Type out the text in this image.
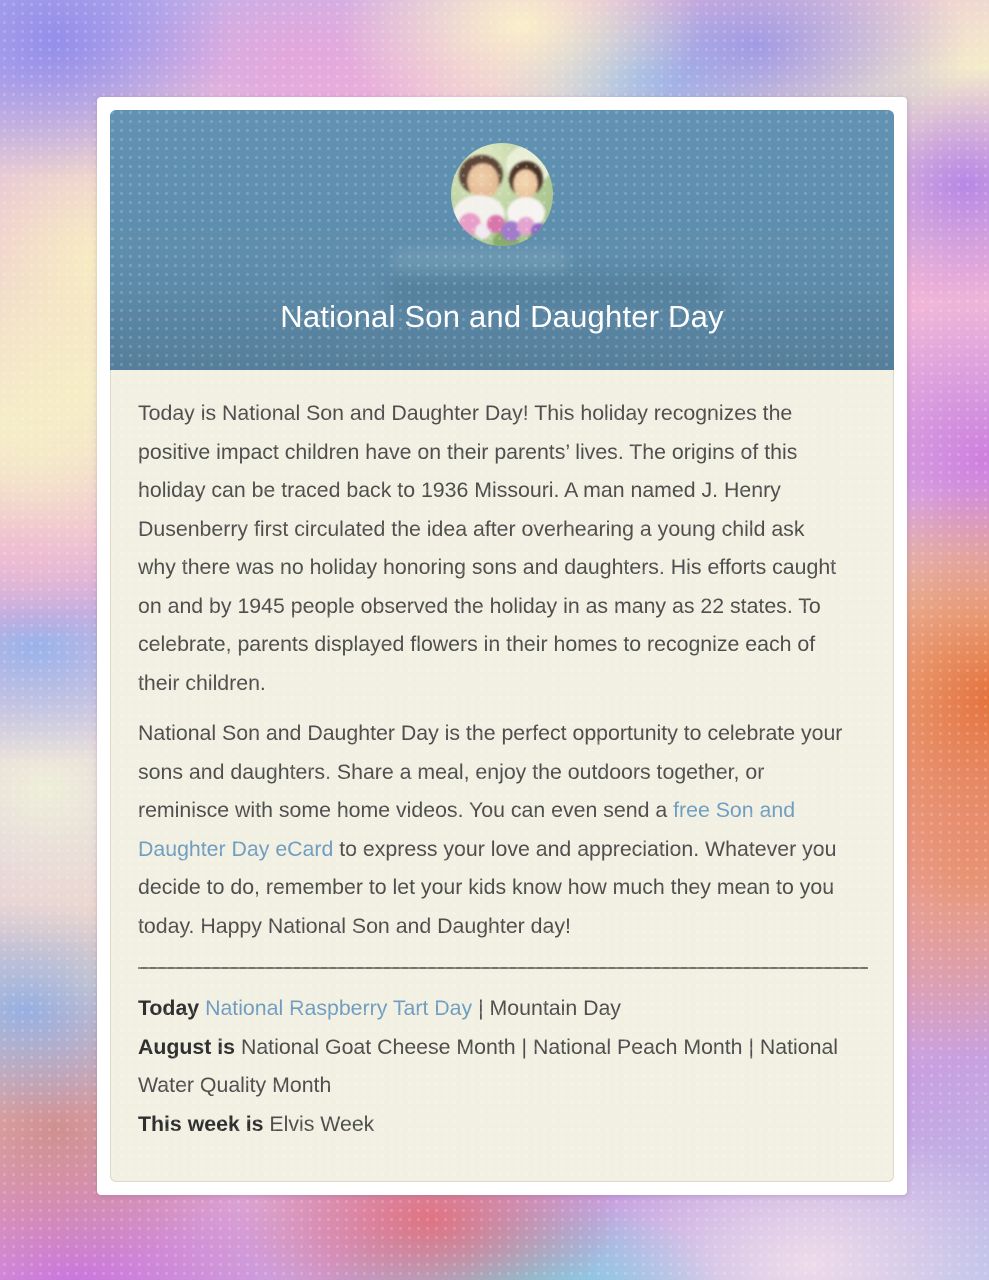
National Son and Daughter Day

Today is National Son and Daughter Day! This holiday recognizes the positive impact children have on their parents’ lives. The origins of this holiday can be traced back to 1936 Missouri. A man named J. Henry Dusenberry first circulated the idea after overhearing a young child ask why there was no holiday honoring sons and daughters. His efforts caught on and by 1945 people observed the holiday in as many as 22 states. To celebrate, parents displayed flowers in their homes to recognize each of their children.

National Son and Daughter Day is the perfect opportunity to celebrate your sons and daughters. Share a meal, enjoy the outdoors together, or reminisce with some home videos. You can even send a free Son and Daughter Day eCard to express your love and appreciation. Whatever you decide to do, remember to let your kids know how much they mean to you today. Happy National Son and Daughter day!

Today National Raspberry Tart Day | Mountain Day

August is National Goat Cheese Month | National Peach Month | National Water Quality Month

This week is Elvis Week
